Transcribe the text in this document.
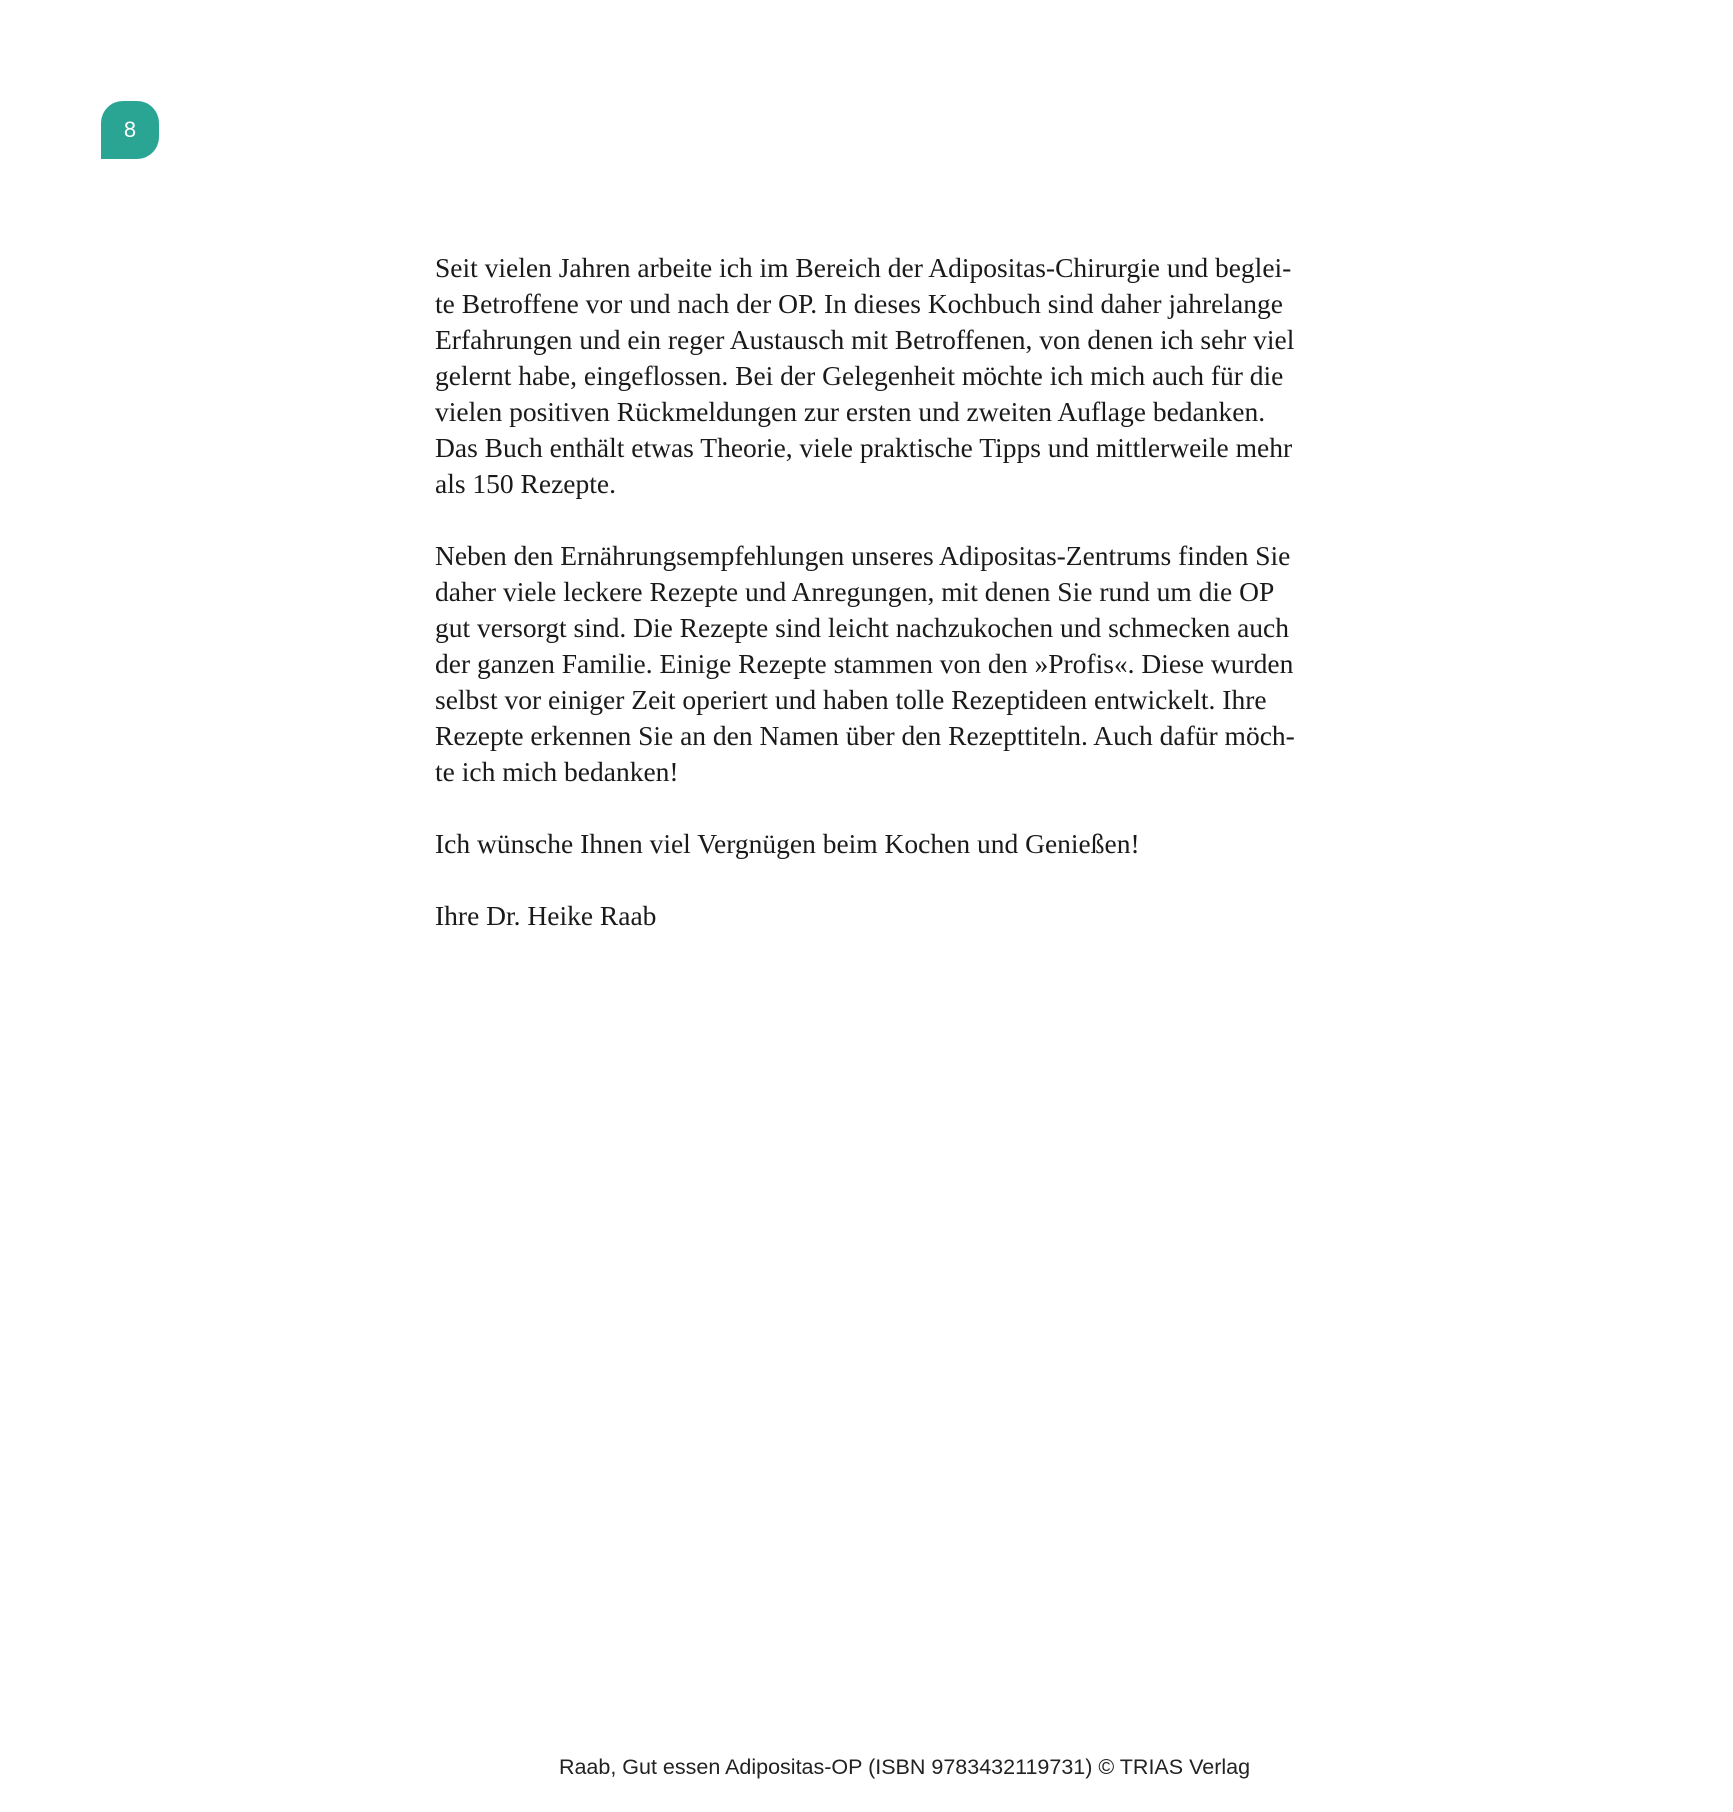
8

Seit vielen Jahren arbeite ich im Bereich der Adipositas-Chirurgie und beglei-
te Betroffene vor und nach der OP. In dieses Kochbuch sind daher jahrelange
Erfahrungen und ein reger Austausch mit Betroffenen, von denen ich sehr viel
gelernt habe, eingeflossen. Bei der Gelegenheit möchte ich mich auch für die
vielen positiven Rückmeldungen zur ersten und zweiten Auflage bedanken.
Das Buch enthält etwas Theorie, viele praktische Tipps und mittlerweile mehr
als 150 Rezepte.

Neben den Ernährungsempfehlungen unseres Adipositas-Zentrums finden Sie
daher viele leckere Rezepte und Anregungen, mit denen Sie rund um die OP
gut versorgt sind. Die Rezepte sind leicht nachzukochen und schmecken auch
der ganzen Familie. Einige Rezepte stammen von den »Profis«. Diese wurden
selbst vor einiger Zeit operiert und haben tolle Rezeptideen entwickelt. Ihre
Rezepte erkennen Sie an den Namen über den Rezepttiteln. Auch dafür möch-
te ich mich bedanken!

Ich wünsche Ihnen viel Vergnügen beim Kochen und Genießen!

Ihre Dr. Heike Raab

Raab, Gut essen Adipositas-OP (ISBN 9783432119731) © TRIAS Verlag
